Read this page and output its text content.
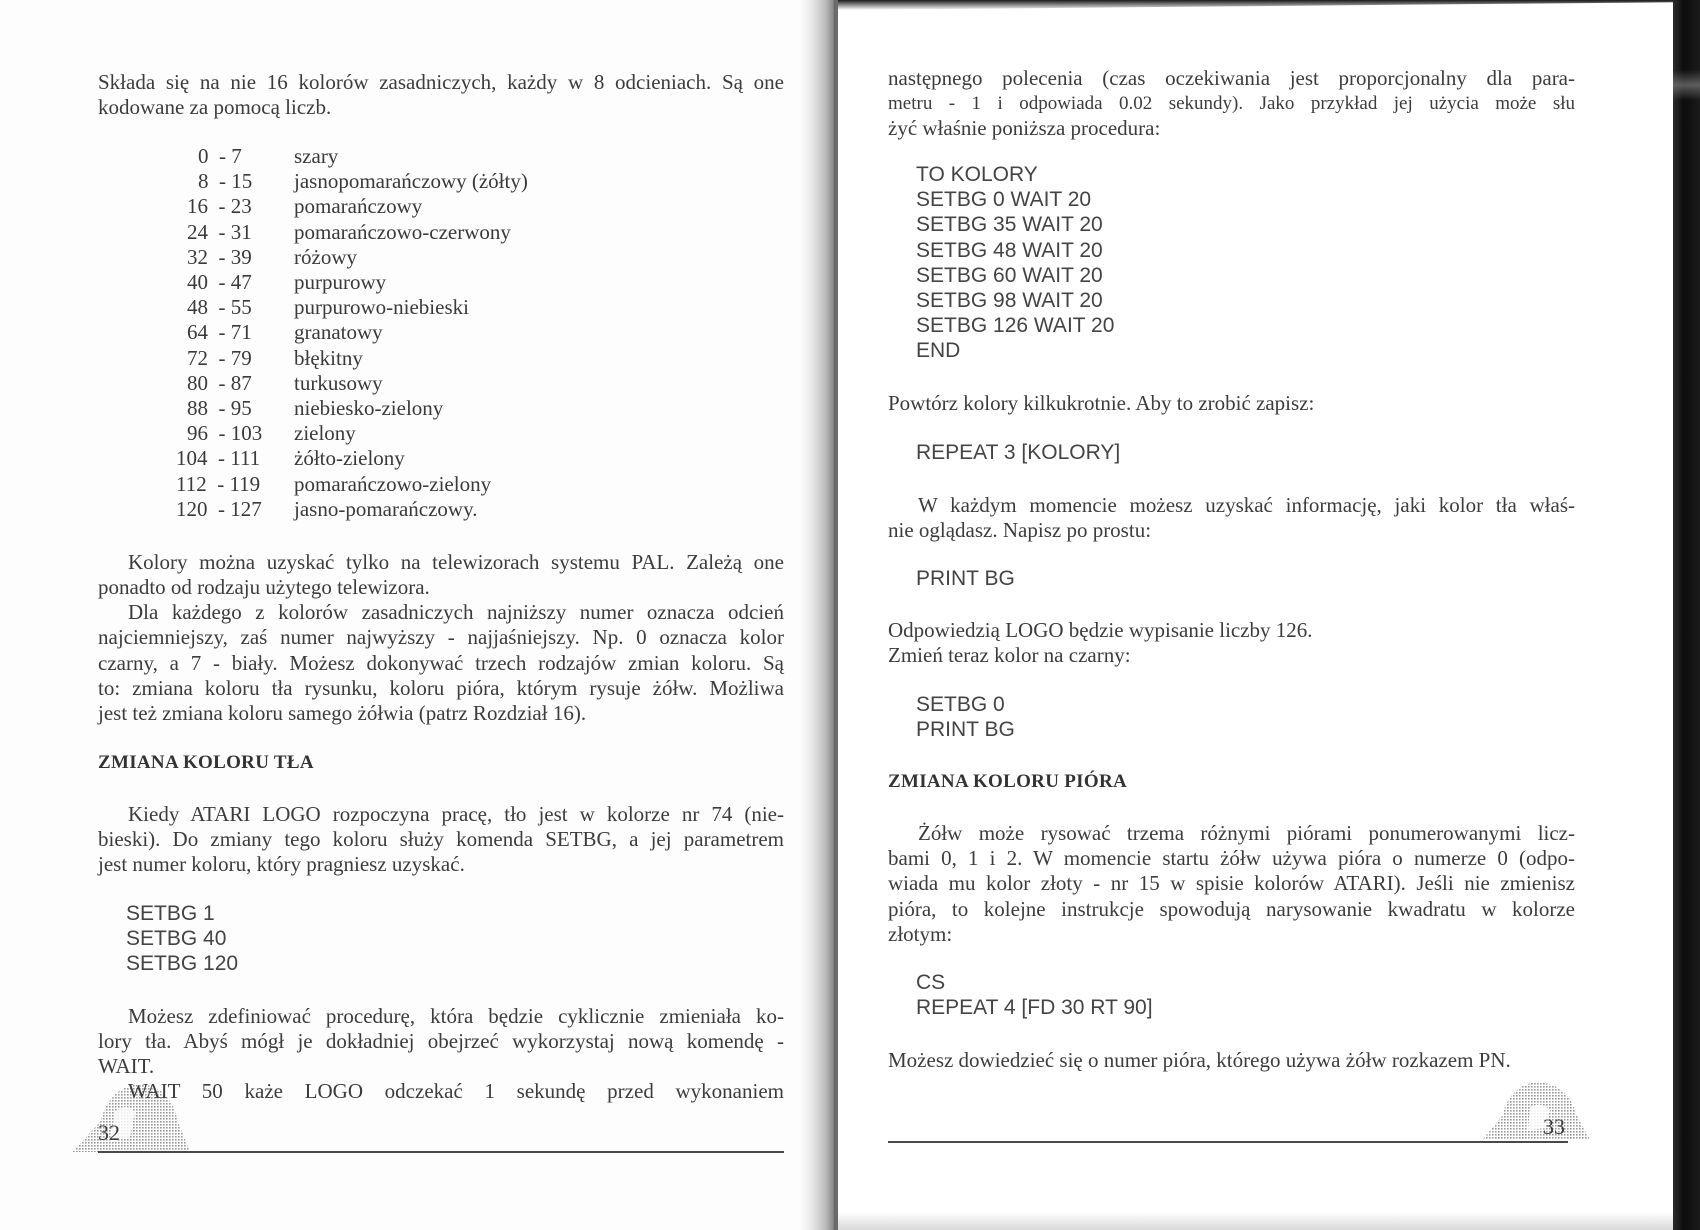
Składa się na nie 16 kolorów zasadniczych, każdy w 8 odcieniach. Są one
kodowane za pomocą liczb.
0  - 7	szary
8  - 15	jasnopomarańczowy (żółty)
16  - 23	pomarańczowy
24  - 31	pomarańczowo-czerwony
32  - 39	różowy
40  - 47	purpurowy
48  - 55	purpurowo-niebieski
64  - 71	granatowy
72  - 79	błękitny
80  - 87	turkusowy
88  - 95	niebiesko-zielony
96  - 103	zielony
104  - 111	żółto-zielony
112  - 119	pomarańczowo-zielony
120  - 127	jasno-pomarańczowy.
Kolory można uzyskać tylko na telewizorach systemu PAL. Zależą one
ponadto od rodzaju użytego telewizora.
Dla każdego z kolorów zasadniczych najniższy numer oznacza odcień
najciemniejszy, zaś numer najwyższy - najjaśniejszy. Np. 0 oznacza kolor
czarny, a 7 - biały. Możesz dokonywać trzech rodzajów zmian koloru. Są
to: zmiana koloru tła rysunku, koloru pióra, którym rysuje żółw. Możliwa
jest też zmiana koloru samego żółwia (patrz Rozdział 16).
ZMIANA KOLORU TŁA
Kiedy ATARI LOGO rozpoczyna pracę, tło jest w kolorze nr 74 (nie-
bieski). Do zmiany tego koloru służy komenda SETBG, a jej parametrem
jest numer koloru, który pragniesz uzyskać.
SETBG 1
SETBG 40
SETBG 120
Możesz zdefiniować procedurę, która będzie cyklicznie zmieniała ko-
lory tła. Abyś mógł je dokładniej obejrzeć wykorzystaj nową komendę -
WAIT.
WAIT 50 każe LOGO odczekać 1 sekundę przed wykonaniem
32
następnego polecenia (czas oczekiwania jest proporcjonalny dla para-
metru - 1 i odpowiada 0.02 sekundy). Jako przykład jej użycia może słu
żyć właśnie poniższa procedura:
TO KOLORY
SETBG 0 WAIT 20
SETBG 35 WAIT 20
SETBG 48 WAIT 20
SETBG 60 WAIT 20
SETBG 98 WAIT 20
SETBG 126 WAIT 20
END
Powtórz kolory kilkukrotnie. Aby to zrobić zapisz:
REPEAT 3 [KOLORY]
W każdym momencie możesz uzyskać informację, jaki kolor tła właś-
nie oglądasz. Napisz po prostu:
PRINT BG
Odpowiedzią LOGO będzie wypisanie liczby 126.
Zmień teraz kolor na czarny:
SETBG 0
PRINT BG
ZMIANA KOLORU PIÓRA
Żółw może rysować trzema różnymi piórami ponumerowanymi licz-
bami 0, 1 i 2. W momencie startu żółw używa pióra o numerze 0 (odpo-
wiada mu kolor złoty - nr 15 w spisie kolorów ATARI). Jeśli nie zmienisz
pióra, to kolejne instrukcje spowodują narysowanie kwadratu w kolorze
złotym:
CS
REPEAT 4 [FD 30 RT 90]
Możesz dowiedzieć się o numer pióra, którego używa żółw rozkazem PN.
33
